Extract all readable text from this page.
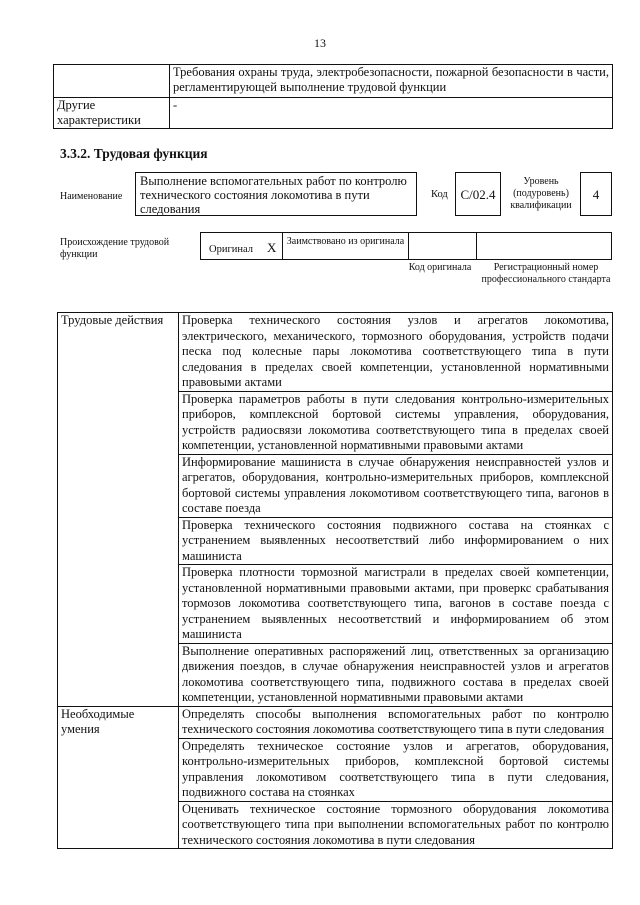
13
	Требования охраны труда, электробезопасности, пожарной безопасности в части, регламентирующей выполнение трудовой функции
Другие характеристики	-
3.3.2. Трудовая функция
Наименование
Выполнение вспомогательных работ по контролю технического состояния локомотива в пути следования
Код C/02.4
Уровень (подуровень) квалификации
4
Происхождение трудовой функции	Оригинал X	Заимствовано из оригинала
Код оригинала	Регистрационный номер профессионального стандарта
Трудовые действия	Проверка технического состояния узлов и агрегатов локомотива, электрического, механического, тормозного оборудования, устройств подачи песка под колесные пары локомотива соответствующего типа в пути следования в пределах своей компетенции, установленной нормативными правовыми актами
	Проверка параметров работы в пути следования контрольно-измерительных приборов, комплексной бортовой системы управления, оборудования, устройств радиосвязи локомотива соответствующего типа в пределах своей компетенции, установленной нормативными правовыми актами
	Информирование машиниста в случае обнаружения неисправностей узлов и агрегатов, оборудования, контрольно-измерительных приборов, комплексной бортовой системы управления локомотивом соответствующего типа, вагонов в составе поезда
	Проверка технического состояния подвижного состава на стоянках с устранением выявленных несоответствий либо информированием о них машиниста
	Проверка плотности тормозной магистрали в пределах своей компетенции, установленной нормативными правовыми актами, при проверкс срабатывания тормозов локомотива соответствующего типа, вагонов в составе поезда с устранением выявленных несоответствий и информированием об этом машиниста
	Выполнение оперативных распоряжений лиц, ответственных за организацию движения поездов, в случае обнаружения неисправностей узлов и агрегатов локомотива соответствующего типа, подвижного состава в пределах своей компетенции, установленной нормативными правовыми актами
Необходимые умения	Определять способы выполнения вспомогательных работ по контролю технического состояния локомотива соответствующего типа в пути следования
	Определять техническое состояние узлов и агрегатов, оборудования, контрольно-измерительных приборов, комплексной бортовой системы управления локомотивом соответствующего типа в пути следования, подвижного состава на стоянках
	Оценивать техническое состояние тормозного оборудования локомотива соответствующего типа при выполнении вспомогательных работ по контролю технического состояния локомотива в пути следования
